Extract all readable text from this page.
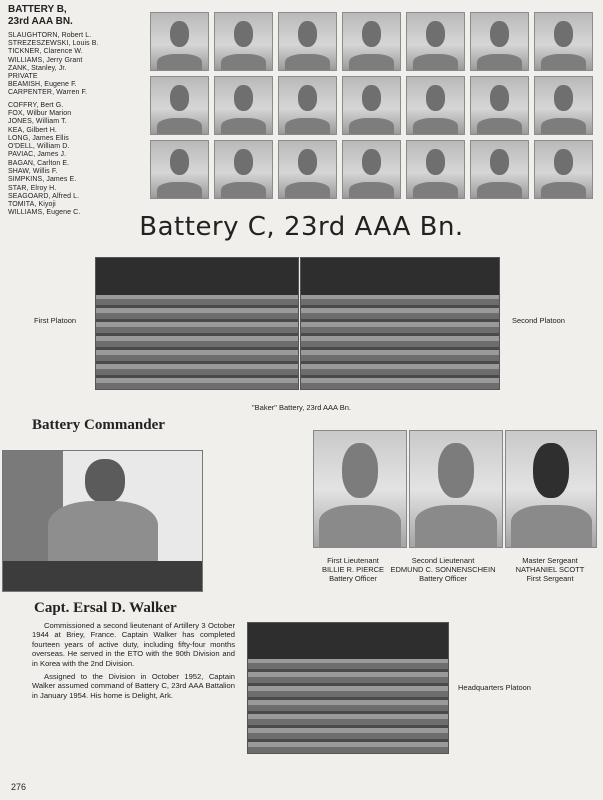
BATTERY B,
23rd AAA BN.
SLAUGHTORN, Robert L.
STREZESZEWSKI, Louis B.
TICKNER, Clarence W.
WILLIAMS, Jerry Grant
ZANK, Stanley, Jr.
PRIVATE
BEAMISH, Eugene F.
CARPENTER, Warren F.
COFFRY, Bert G.
FOX, Wilbur Marion
JONES, William T.
KEA, Gilbert H.
LONG, James Ellis
O'DELL, William D.
PAVIAC, James J.
BAGAN, Carlton E.
SHAW, Willis F.
SIMPKINS, James E.
STAR, Elroy H.
SEAGOARD, Alfred L.
TOMITA, Kiyoji
WILLIAMS, Eugene C.	Battery C, 23rd AAA Bn.
First Platoon	Second Platoon
"Baker" Battery, 23rd AAA Bn.
Battery Commander
First Lieutenant
BILLIE R. PIERCE
Battery Officer
Second Lieutenant
EDMUND C. SONNENSCHEIN
Battery Officer
Master Sergeant
NATHANIEL SCOTT
First Sergeant
Capt. Ersal D. Walker
Commissioned a second lieutenant of Artillery 3 October 1944 at Briey, France. Captain Walker has completed fourteen years of active duty, including fifty-four months overseas. He served in the ETO with the 90th Division and in Korea with the 2nd Division.
Assigned to the Division in October 1952, Captain Walker assumed command of Battery C, 23rd AAA Battalion in January 1954. His home is Delight, Ark.
Headquarters Platoon
276
